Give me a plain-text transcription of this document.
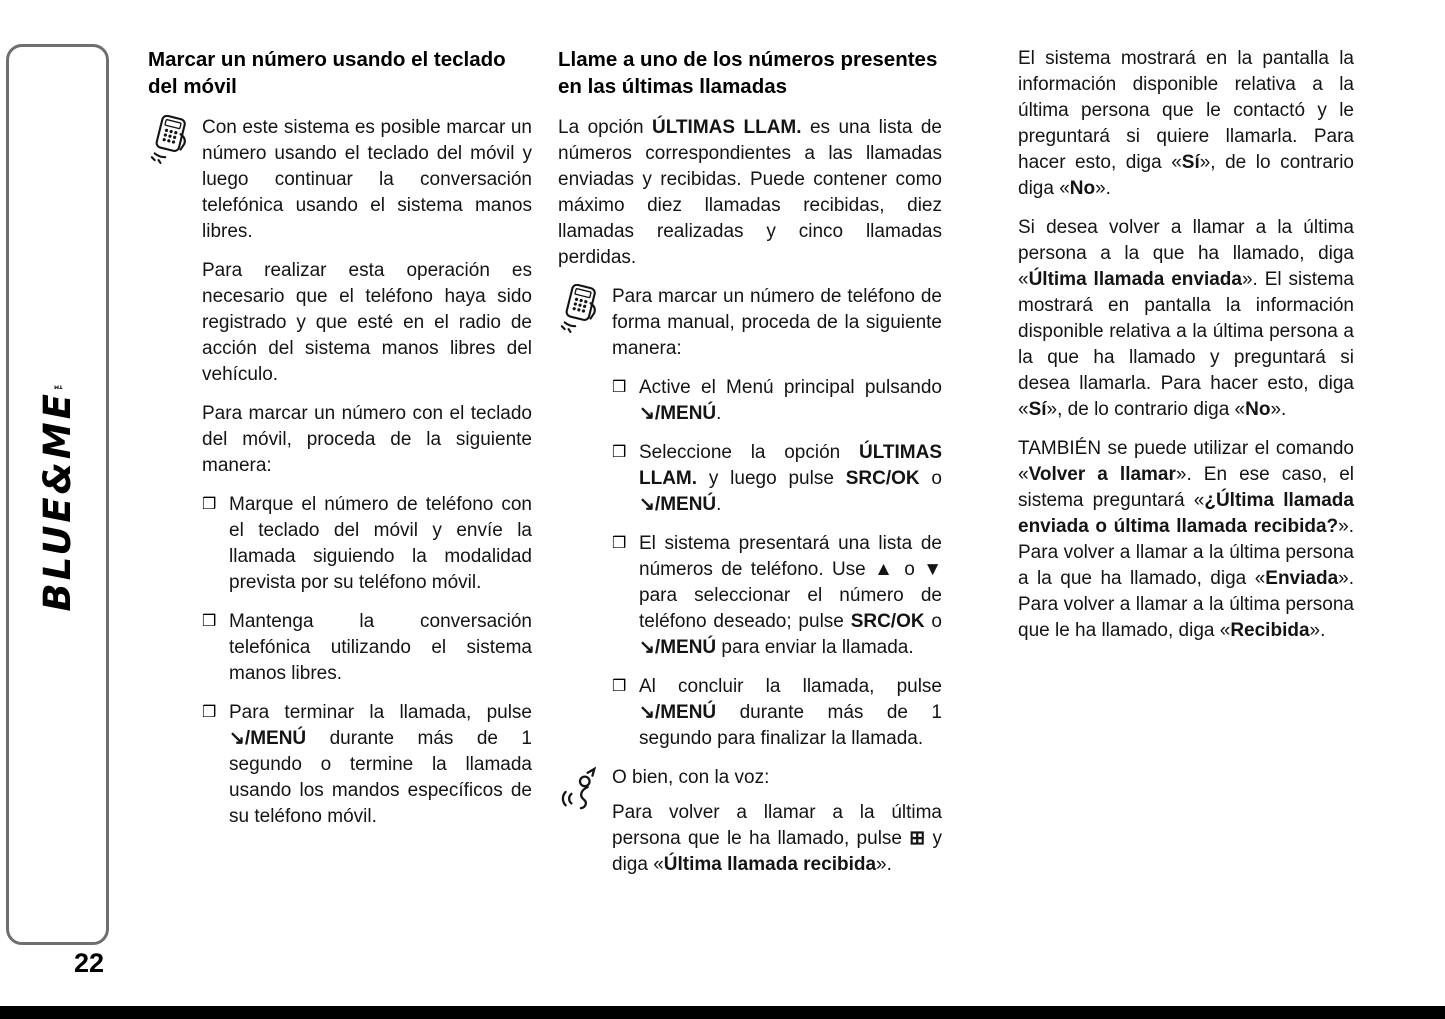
BLUE&ME™
22
Marcar un número usando el teclado del móvil

Con este sistema es posible marcar un número usando el teclado del móvil y luego continuar la conversación telefónica usando el sistema manos libres.

Para realizar esta operación es necesario que el teléfono haya sido registrado y que esté en el radio de acción del sistema manos libres del vehículo.

Para marcar un número con el teclado del móvil, proceda de la siguiente manera:

❒ Marque el número de teléfono con el teclado del móvil y envíe la llamada siguiendo la modalidad prevista por su teléfono móvil.

❒ Mantenga la conversación telefónica utilizando el sistema manos libres.

❒ Para terminar la llamada, pulse ↘/MENÚ durante más de 1 segundo o termine la llamada usando los mandos específicos de su teléfono móvil.

Llame a uno de los números presentes en las últimas llamadas

La opción ÚLTIMAS LLAM. es una lista de números correspondientes a las llamadas enviadas y recibidas. Puede contener como máximo diez llamadas recibidas, diez llamadas realizadas y cinco llamadas perdidas.

Para marcar un número de teléfono de forma manual, proceda de la siguiente manera:

❒ Active el Menú principal pulsando ↘/MENÚ.

❒ Seleccione la opción ÚLTIMAS LLAM. y luego pulse SRC/OK o ↘/MENÚ.

❒ El sistema presentará una lista de números de teléfono. Use ▲ o ▼ para seleccionar el número de teléfono deseado; pulse SRC/OK o ↘/MENÚ para enviar la llamada.

❒ Al concluir la llamada, pulse ↘/MENÚ durante más de 1 segundo para finalizar la llamada.

O bien, con la voz:

Para volver a llamar a la última persona que le ha llamado, pulse ⊞ y diga «Última llamada recibida».

El sistema mostrará en la pantalla la información disponible relativa a la última persona que le contactó y le preguntará si quiere llamarla. Para hacer esto, diga «Sí», de lo contrario diga «No».

Si desea volver a llamar a la última persona a la que ha llamado, diga «Última llamada enviada». El sistema mostrará en pantalla la información disponible relativa a la última persona a la que ha llamado y preguntará si desea llamarla. Para hacer esto, diga «Sí», de lo contrario diga «No».

TAMBIÉN se puede utilizar el comando «Volver a llamar». En ese caso, el sistema preguntará «¿Última llamada enviada o última llamada recibida?». Para volver a llamar a la última persona a la que ha llamado, diga «Enviada». Para volver a llamar a la última persona que le ha llamado, diga «Recibida».
